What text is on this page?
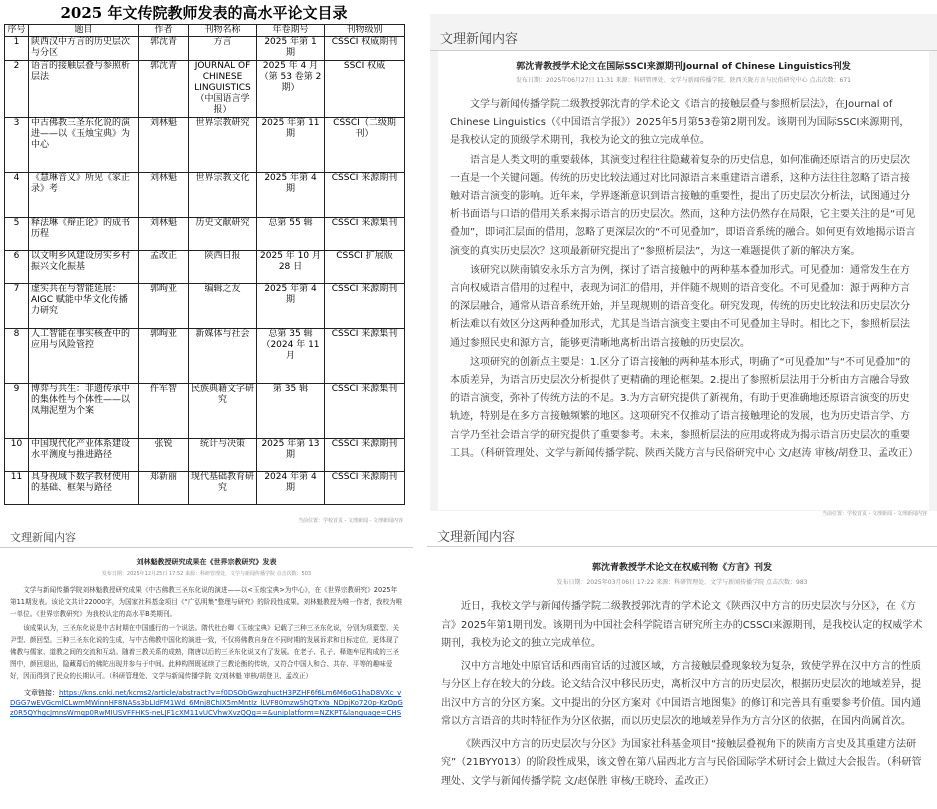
2025 年文传院教师发表的高水平论文目录
序号	题目	作者	刊物名称	年卷期号	刊物级别
1	陕西汉中方言的历史层次与分区	郭沈青	方言	2025 年第 1 期	CSSCI 权威期刊
2	语言的接触层叠与参照析层法	郭沈青	JOURNAL OF CHINESE LINGUISTICS（中国语言学报）	2025 年 4 月（第 53 卷第 2期）	SSCI 权威
3	中古佛教三圣东化说的演进——以《玉烛宝典》为中心	刘林魁	世界宗教研究	2025 年第 11 期	CSSCI（二级期刊）
4	《慧琳音义》所见《家正录》考	刘林魁	世界宗教文化	2025 年第 4 期	CSSCI 来源期刊
5	释法琳《辩正论》的成书历程	刘林魁	历史文献研究	总第 55 辑	CSSCI 来源集刊
6	以文明乡风建设房实乡村振兴文化振基	孟改正	陕西日报	2025 年 10 月 28 日	CSSCI 扩展版
7	虚实共在与智能延展：AIGC 赋能中华文化传播力研究	郭昫亚	编辑之友	2025 年第 4 期	CSSCI 来源期刊
8	人工智能在事实核查中的应用与风险管控	郭昫亚	新媒体与社会	总第 35 辑（2024 年 11 月	CSSCI 来源集刊
9	博弈与共生：非遗传承中的集体性与个体性——以凤翔泥塑为个案	仵军智	民族典籍文字研究	第 35 辑	CSSCI 来源集刊
10	中国现代化产业体系建设水平测度与推进路径	张锐	统计与决策	2025 年第 13 期	CSSCI 来源期刊
11	具身视域下数字教材使用的基础、框架与路径	郑新丽	现代基础教育研究	2024 年第 4 期	CSSCI 来源期刊
文理新闻内容
郭沈青教授学术论文在国际SSCI来源期刊Journal of Chinese Linguistics刊发
发布日期：2025年06月27日 11:31 来源：科研管理处、文学与新闻传播学院、陕西关陇方言与民俗研究中心 点击次数：671

文学与新闻传播学院二级教授郭沈青的学术论文《语言的接触层叠与参照析层法》，在Journal of Chinese Linguistics（《中国语言学报》）2025年5月第53卷第2期刊发。该期刊为国际SSCI来源期刊，是我校认定的顶级学术期刊，我校为论文的独立完成单位。

语言是人类文明的重要载体，其演变过程往往隐藏着复杂的历史信息，如何准确还原语言的历史层次一直是一个关键问题。传统的历史比较法通过对比同源语言来重建语言谱系，这种方法往往忽略了语言接触对语言演变的影响。近年来，学界逐渐意识到语言接触的重要性，提出了历史层次分析法，试图通过分析书面语与口语的借用关系来揭示语言的历史层次。然而，这种方法仍然存在局限，它主要关注的是“可见叠加”，即词汇层面的借用，忽略了更深层次的“不可见叠加”，即语音系统的融合。如何更有效地揭示语言演变的真实历史层次？这项最新研究提出了“参照析层法”，为这一难题提供了新的解决方案。

该研究以陕南镇安永乐方言为例，探讨了语言接触中的两种基本叠加形式。可见叠加：通常发生在方言向权威语言借用的过程中，表现为词汇的借用，并伴随不规则的语音变化。不可见叠加：源于两种方言的深层融合，通常从语音系统开始，并呈现规则的语音变化。研究发现，传统的历史比较法和历史层次分析法难以有效区分这两种叠加形式，尤其是当语言演变主要由不可见叠加主导时。相比之下，参照析层法通过参照民史和源方言，能够更清晰地离析出语言接触的历史层次。

这项研究的创新点主要是：1.区分了语言接触的两种基本形式，明确了“可见叠加”与“不可见叠加”的本质差异，为语言历史层次分析提供了更精确的理论框架。2.提出了参照析层法用于分析由方言融合导致的语言演变，弥补了传统方法的不足。3.为方言研究提供了新视角，有助于更准确地还原语言演变的历史轨迹，特别是在多方言接触频繁的地区。这项研究不仅推动了语言接触理论的发展，也为历史语言学、方言学乃至社会语言学的研究提供了重要参考。未来，参照析层法的应用或将成为揭示语言历史层次的重要工具。（科研管理处、文学与新闻传播学院、陕西关陇方言与民俗研究中心 文/赵涛 审核/胡登卫、孟改正）

当前位置：学校首页 - 文理新闻 - 文理新闻内容
文理新闻内容
刘林魁教授研究成果在《世界宗教研究》发表
发布日期：2025年12月25日 17:52 来源：科研管理处、文学与新闻传播学院 点击次数：503

文学与新闻传播学院刘林魁教授研究成果《中古佛教三圣东化说的演进——以<玉烛宝典>为中心》，在《世界宗教研究》2025年第11期发表。该论文共计22000字，为国家社科基金项目《“广弘明集”整理与研究》的阶段性成果。刘林魁教授为唯一作者，我校为唯一单位。《世界宗教研究》为我校认定的高水平B类期刊。

该成果认为，三圣东化说是中古时期在中国盛行的一个说法。隋代杜台卿《玉烛宝典》记载了三种三圣东化说，分别为项橐型、关尹型、颜回型。三种三圣东化说的生成，与中古佛教中国化的演进一致，不仅将佛教自身在不同时期的发展诉求和目标定位，更体现了佛教与儒家、道教之间的交流和互动。随着三教关系的成熟，隋唐以后的三圣东化说又有了发展。在老子、孔子、释迦牟尼构成的三圣图中，颜回退出，隐藏幕后的佛陀出现并参与于中间。此种构图既延续了三教论衡的传统，又符合中国人和合、共存、平等的趣味爱好，因而得到了民众的长期认可。（科研管理处、文学与新闻传播学院 文/刘林魁 审核/胡登卫、孟改正）

文章链接：https://kns.cnki.net/kcms2/article/abstract?v=f0DSObGwzqhuctH3PZHF6f6Lm6M6oG1haD8VXc_vDGG7wEVGcmlCLwmMWinnHF8NASs3bLIdFM1Wd_6Mnj8ChIX5mMntIz_lLVF80mzwShQTxYa_NDpjKo720p-KzOpGz0R5QYhgcJmnsWmqp0RwMIUSVFFHKS-neLJF1cXM11vUCVhwXvzQQg==&uniplatform=NZKPT&language=CHS
当前位置：学校首页 - 文理新闻 - 文理新闻内容
文理新闻内容
郭沈青教授学术论文在权威刊物《方言》刊发
发布日期：2025年03月06日 17:22 来源：科研管理处、文学与新闻传播学院 点击次数：983

近日，我校文学与新闻传播学院二级教授郭沈青的学术论文《陕西汉中方言的历史层次与分区》，在《方言》2025年第1期刊发。该期刊为中国社会科学院语言研究所主办的CSSCI来源期刊，是我校认定的权威学术期刊，我校为论文的独立完成单位。

汉中方言地处中原官话和西南官话的过渡区域，方言接触层叠现象较为复杂，致使学界在汉中方言的性质与分区上存在较大的分歧。论文结合汉中移民历史，离析汉中方言的历史层次，根据历史层次的地域差异，提出汉中方言的分区方案。文中提出的分区方案对《中国语言地图集》的修订和完善具有重要参考价值。国内通常以方言语音的共时特征作为分区依据，而以历史层次的地域差异作为方言分区的依据，在国内尚属首次。

《陕西汉中方言的历史层次与分区》为国家社科基金项目“接触层叠视角下的陕南方言史及其重建方法研究”（21BYY013）的阶段性成果，该文曾在第八届西北方言与民俗国际学术研讨会上做过大会报告。（科研管理处、文学与新闻传播学院 文/赵保胜 审核/王晓玲、孟改正）
